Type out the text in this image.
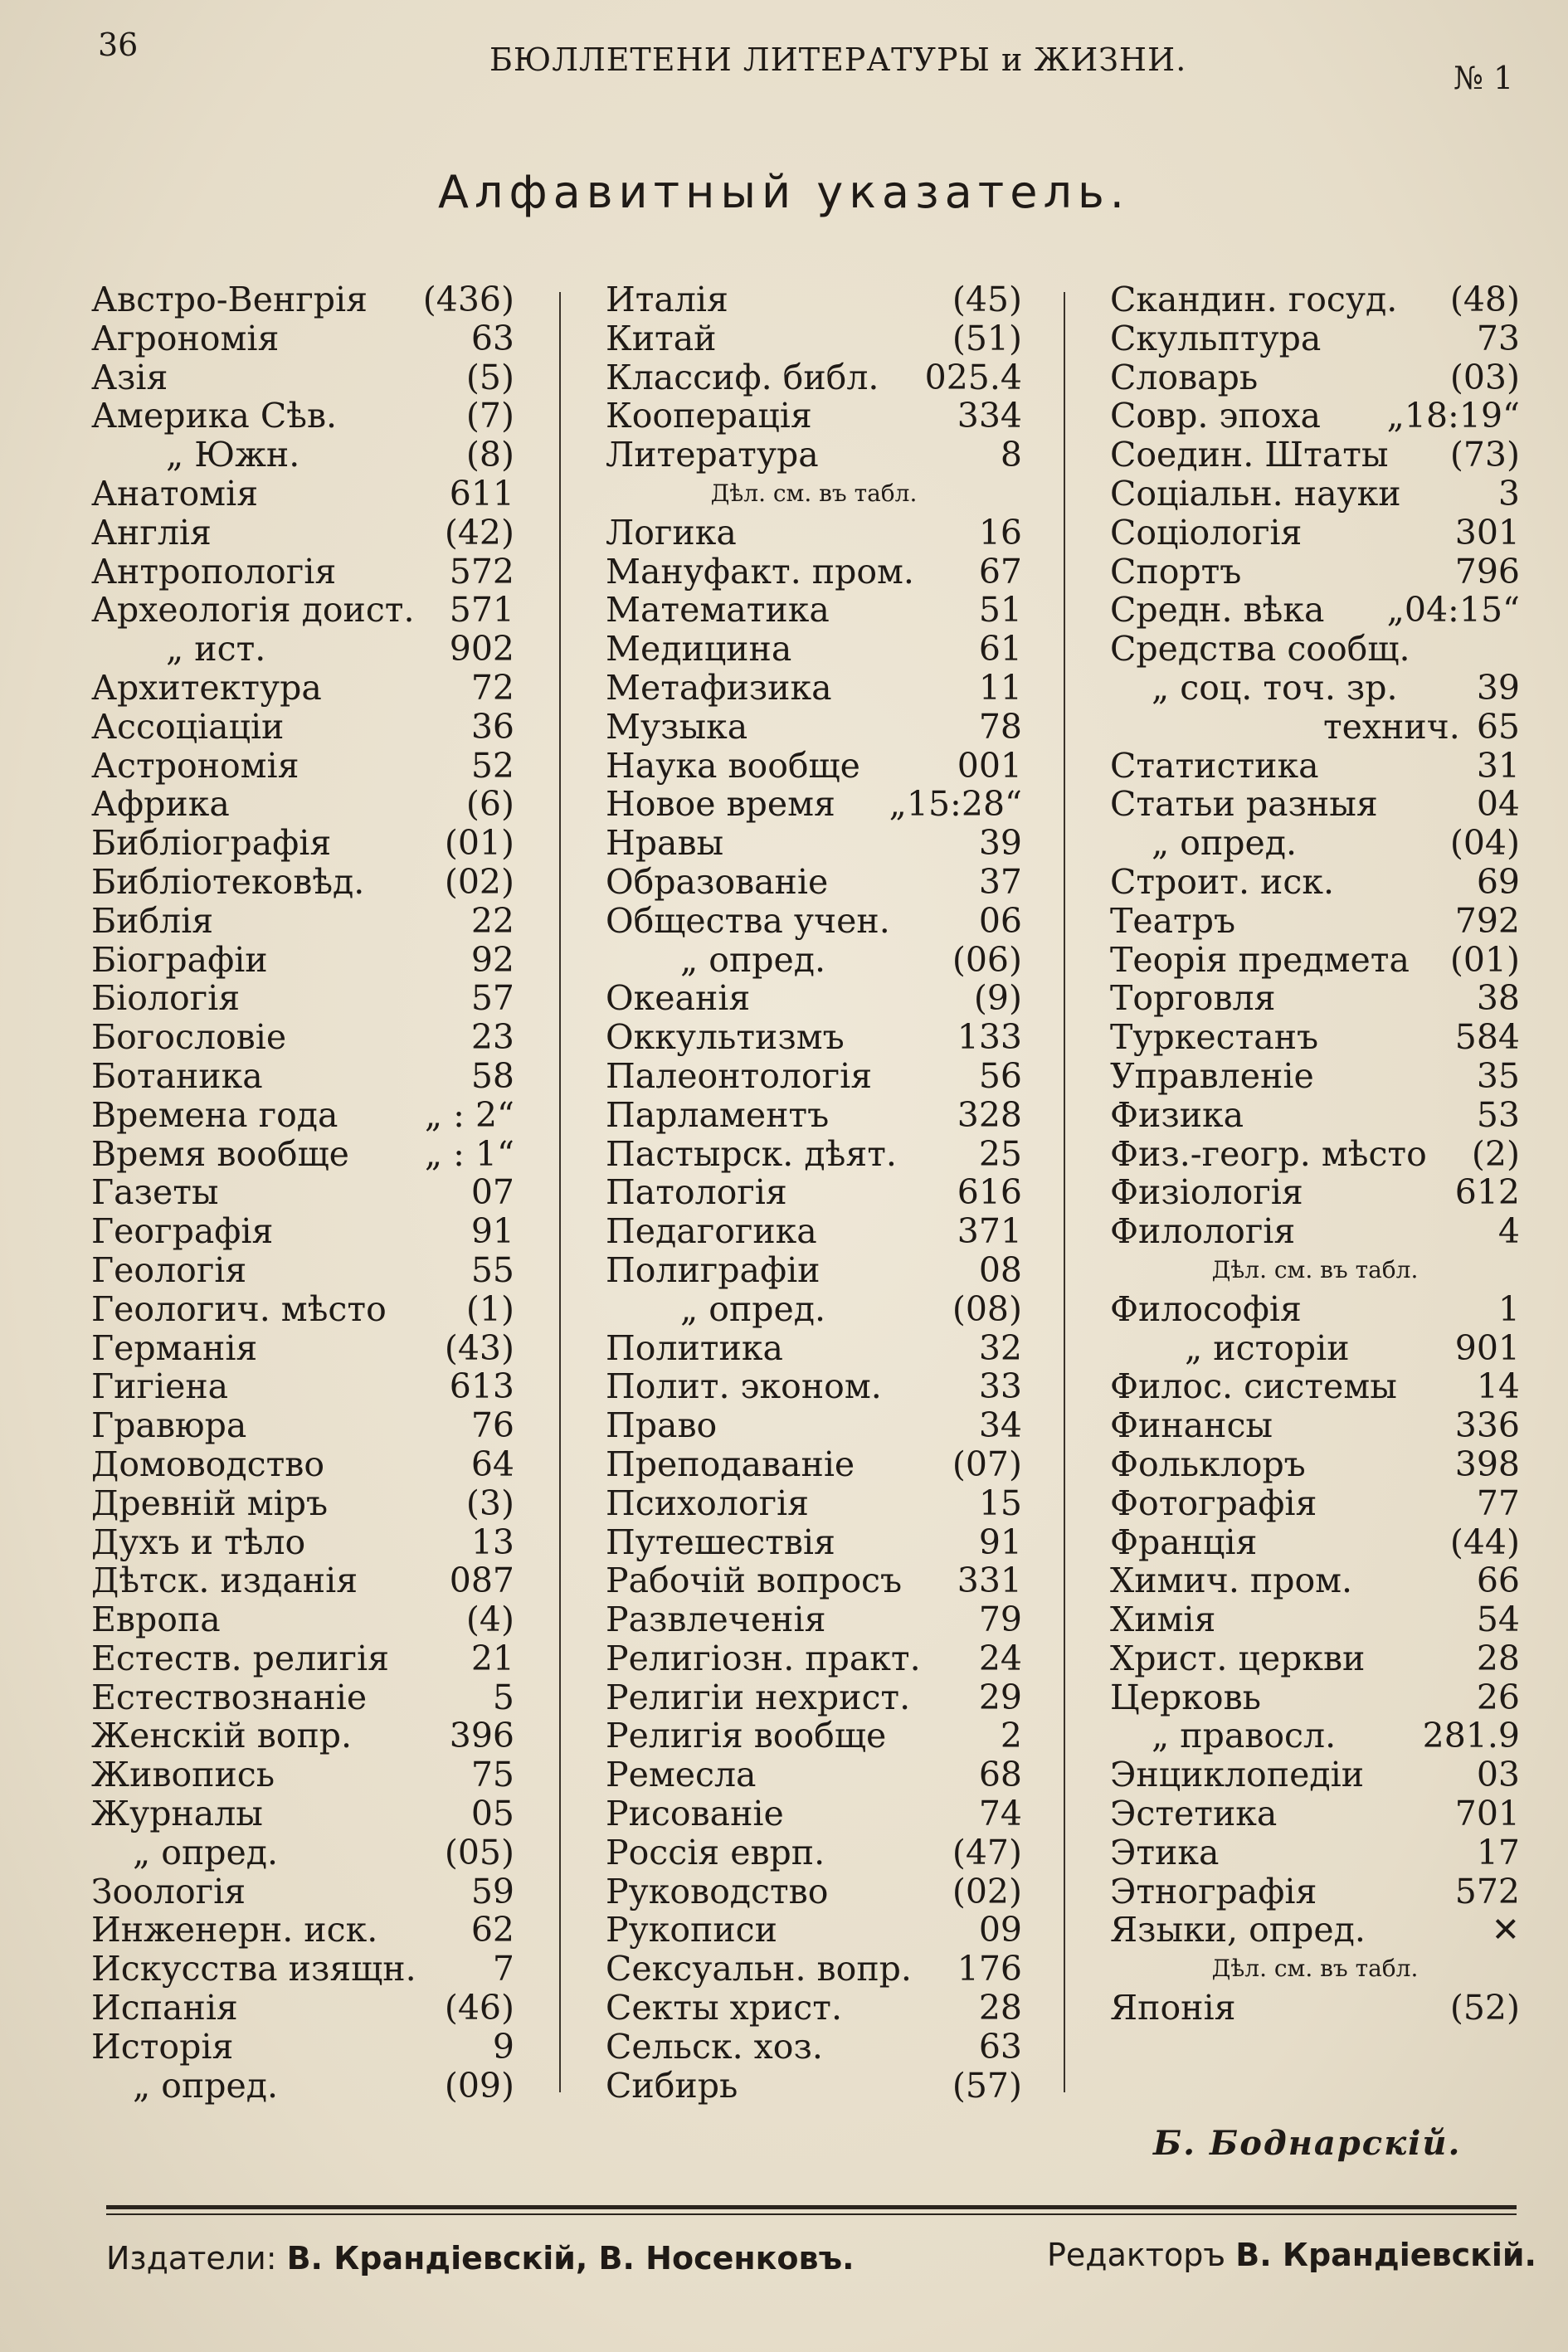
36	БЮЛЛЕТЕНИ ЛИТЕРАТУРЫ и ЖИЗНИ.	№ 1
Алфавитный указатель.
Австро-Венгрія (436)
Агрономія	63
Азія	(5)
Америка Сѣв.	(7)
„ Южн.	(8)
Анатомія	611
Англія	(42)
Антропологія	572
Археологія доист. 571
„ ист.	902
Архитектура	72
Ассоціаціи	36
Астрономія	52
Африка	(6)
Библіографія	(01)
Библіотековѣд. (02)
Библія	22
Біографіи	92
Біологія	57
Богословіе	23
Ботаника	58
Времена года	„ : 2“
Время вообще „ : 1“
Газеты	07
Географія	91
Геологія	55
Геологич. мѣсто (1)
Германія	(43)
Гигіена	613
Гравюра	76
Домоводство	64
Древній міръ	(3)
Духъ и тѣло	13
Дѣтск. изданія	087
Европа	(4)
Естеств. религія 21
Естествознаніе	5
Женскій вопр.	396
Живопись	75
Журналы	05
„ опред.	(05)
Зоологія	59
Инженерн. иск.	62
Искусства изящн. 7
Испанія	(46)
Исторія	9
„ опред.	(09)
Италія	(45)
Китай	(51)
Классиф. библ. 025.4
Кооперація	334
Литература	8
Дѣл. см. въ табл.
Логика	16
Мануфакт. пром. 67
Математика	51
Медицина	61
Метафизика	11
Музыка	78
Наука вообще	001
Новое время „15:28“
Нравы	39
Образованіе	37
Общества учен.	06
„ опред.	(06)
Океанія	(9)
Оккультизмъ	133
Палеонтологія	56
Парламентъ	328
Пастырск. дѣят. 25
Патологія	616
Педагогика	371
Полиграфіи	08
„ опред.	(08)
Политика	32
Полит. эконом.	33
Право	34
Преподаваніе	(07)
Психологія	15
Путешествія	91
Рабочій вопросъ 331
Развлеченія	79
Религіозн. практ. 24
Религіи нехрист. 29
Религія вообще	2
Ремесла	68
Рисованіе	74
Россія евpп.	(47)
Руководство	(02)
Рукописи	09
Сексуальн. вопр. 176
Секты христ.	28
Сельск. хоз.	63
Сибирь	(57)
Скандин. госуд. (48)
Скульптура	73
Словарь	(03)
Совр. эпоха „18:19“
Соедин. Штаты (73)
Соціальн. науки	3
Соціологія	301
Спортъ	796
Средн. вѣка „04:15“
Средства сообщ.
„ соц. точ. зр. 39
технич. 65
Статистика	31
Статьи разныя	04
„ опред.	(04)
Строит. иск.	69
Театръ	792
Теорія предмета (01)
Торговля	38
Туркестанъ	584
Управленіе	35
Физика	53
Физ.-геогр. мѣсто (2)
Физіологія	612
Филологія	4
Дѣл. см. въ табл.
Философія	1
„ исторіи	901
Филос. системы 14
Финансы	336
Фольклоръ	398
Фотографія	77
Франція	(44)
Химич. пром.	66
Химія	54
Христ. церкви	28
Церковь	26
„ правосл.	281.9
Энциклопедіи	03
Эстетика	701
Этика	17
Этнографія	572
Языки, опред.	✕
Дѣл. см. въ табл.
Японія	(52)
Б. Боднарскій.
Издатели: В. Крандіевскій, В. Носенковъ.	Редакторъ В. Крандіевскій.
